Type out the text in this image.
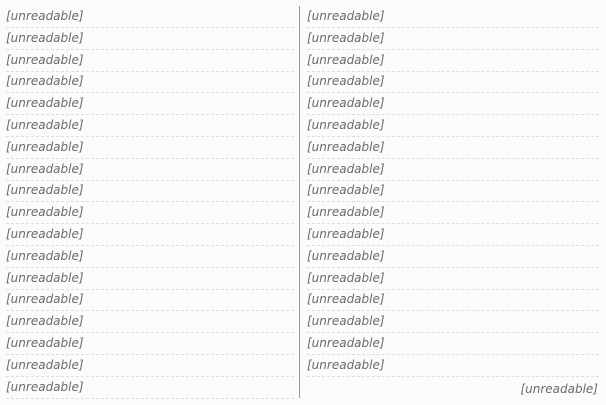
[unreadable]
[unreadable]
[unreadable]
[unreadable]
[unreadable]
[unreadable]
[unreadable]
[unreadable]
[unreadable]
[unreadable]
[unreadable]
[unreadable]
[unreadable]
[unreadable]
[unreadable]
[unreadable]
[unreadable]
[unreadable]
[unreadable]
[unreadable]
[unreadable]
[unreadable]
[unreadable]
[unreadable]
[unreadable]
[unreadable]
[unreadable]
[unreadable]
[unreadable]
[unreadable]
[unreadable]
[unreadable]
[unreadable]
[unreadable]
[unreadable]
[unreadable]
